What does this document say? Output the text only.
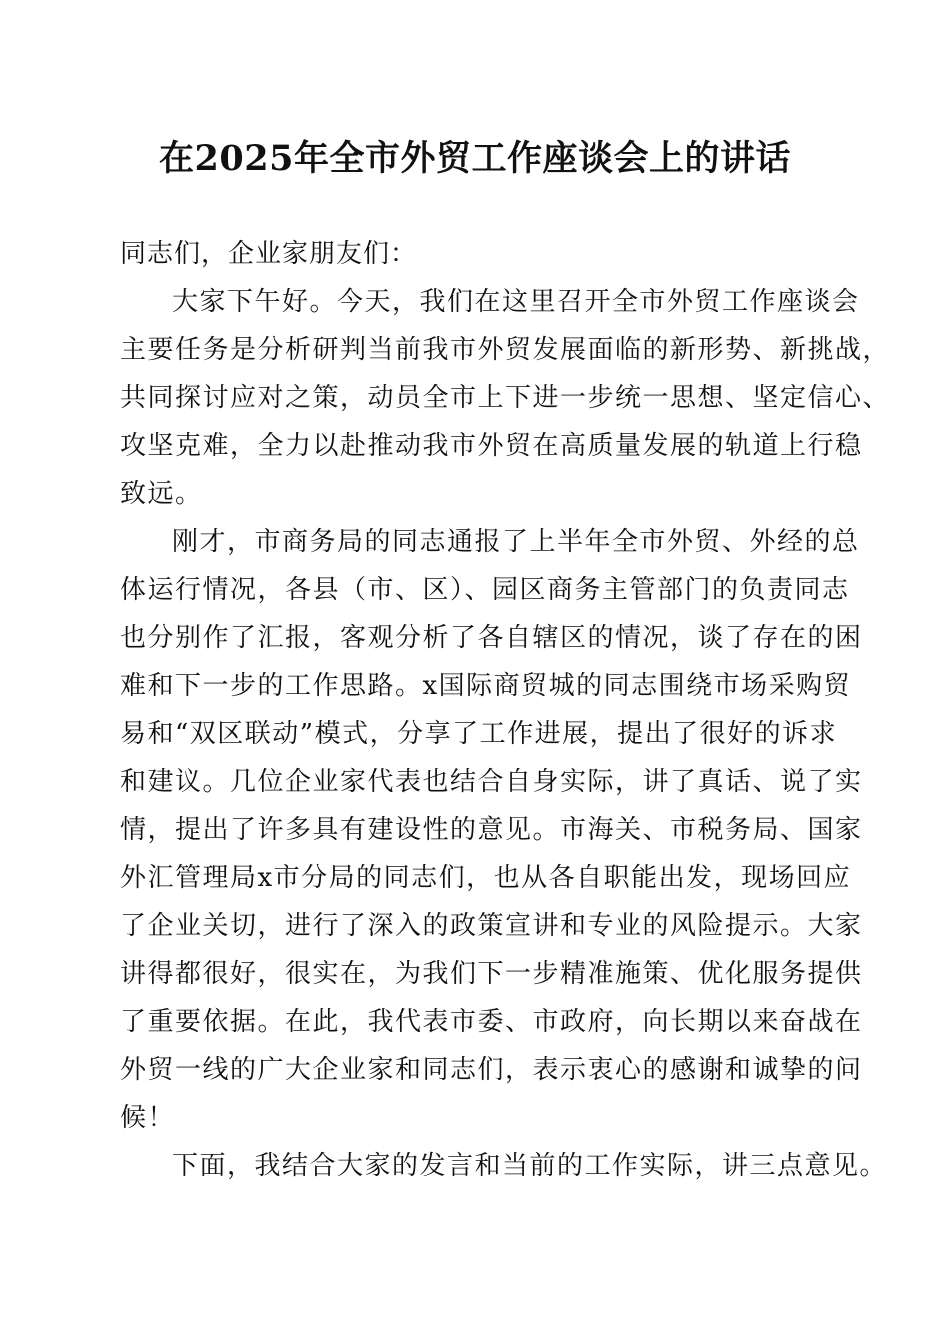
在2025年全市外贸工作座谈会上的讲话

同志们，企业家朋友们：

大家下午好。今天，我们在这里召开全市外贸工作座谈会
主要任务是分析研判当前我市外贸发展面临的新形势、新挑战，
共同探讨应对之策，动员全市上下进一步统一思想、坚定信心、
攻坚克难，全力以赴推动我市外贸在高质量发展的轨道上行稳
致远。

刚才，市商务局的同志通报了上半年全市外贸、外经的总
体运行情况，各县（市、区）、园区商务主管部门的负责同志
也分别作了汇报，客观分析了各自辖区的情况，谈了存在的困
难和下一步的工作思路。x国际商贸城的同志围绕市场采购贸
易和“双区联动”模式，分享了工作进展，提出了很好的诉求
和建议。几位企业家代表也结合自身实际，讲了真话、说了实
情，提出了许多具有建设性的意见。市海关、市税务局、国家
外汇管理局x市分局的同志们，也从各自职能出发，现场回应
了企业关切，进行了深入的政策宣讲和专业的风险提示。大家
讲得都很好，很实在，为我们下一步精准施策、优化服务提供
了重要依据。在此，我代表市委、市政府，向长期以来奋战在
外贸一线的广大企业家和同志们，表示衷心的感谢和诚挚的问
候！

下面，我结合大家的发言和当前的工作实际，讲三点意见。
